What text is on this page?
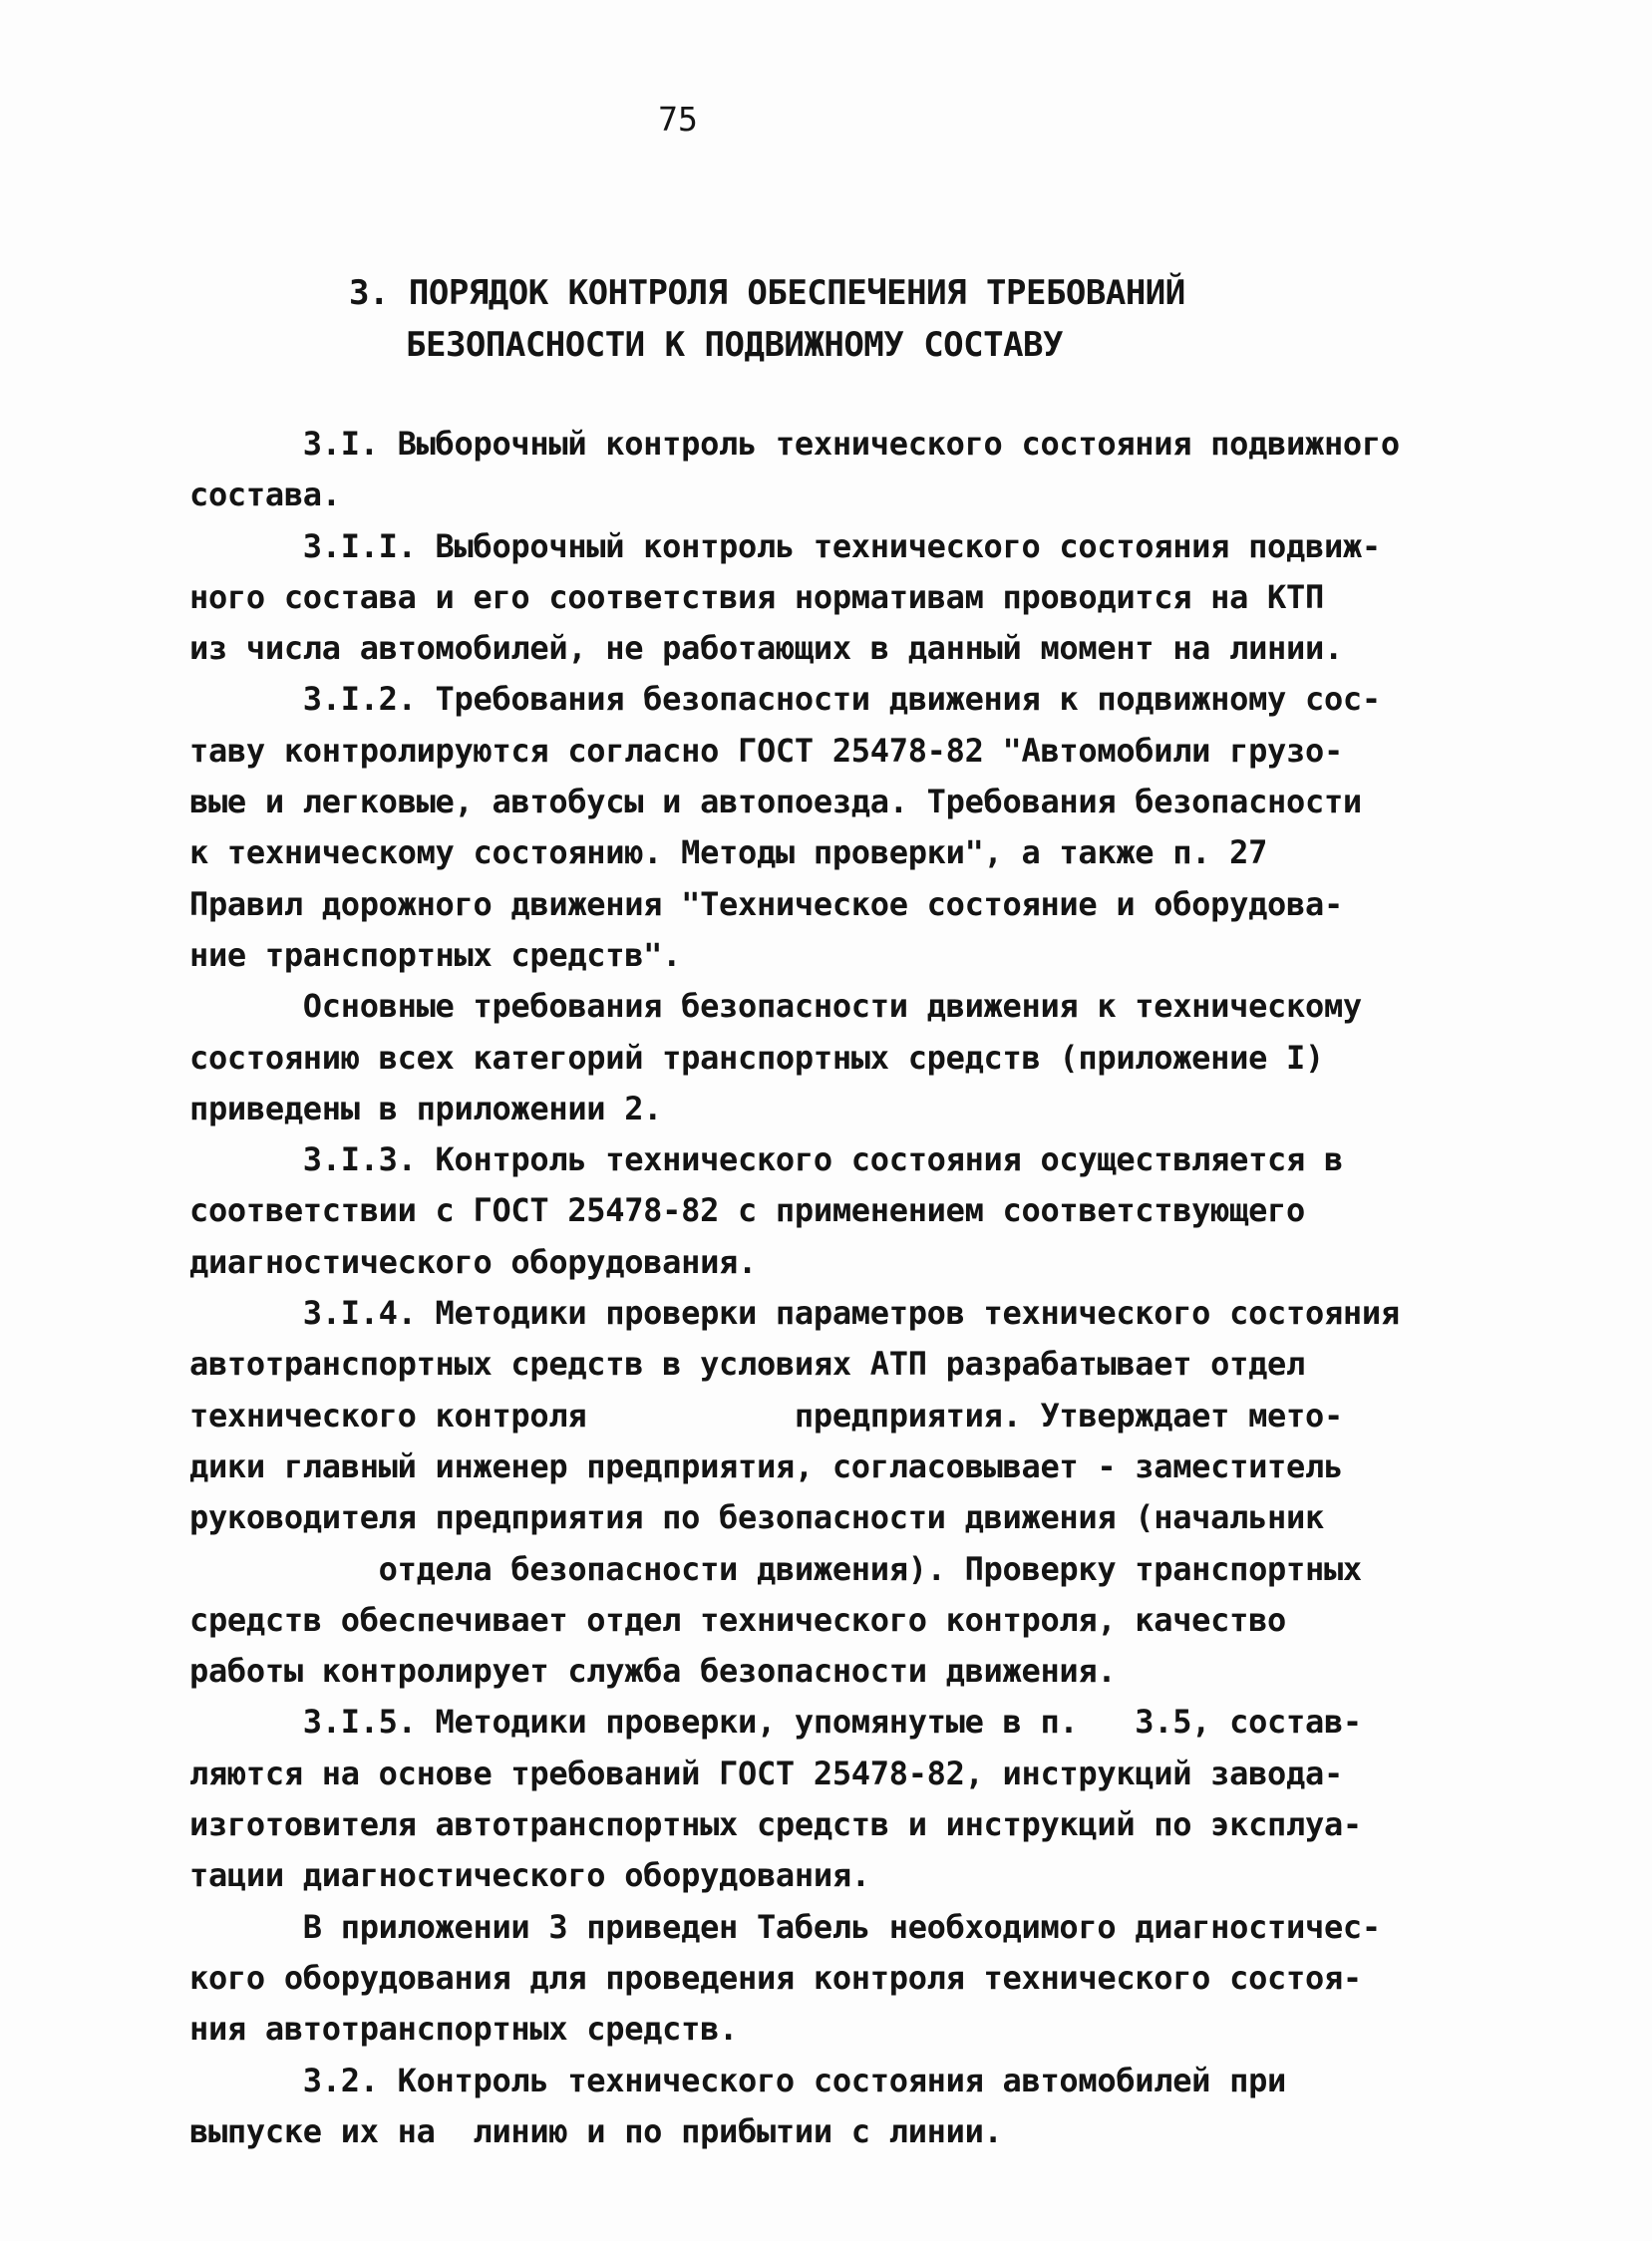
75
3. ПОРЯДОК КОНТРОЛЯ ОБЕСПЕЧЕНИЯ ТРЕБОВАНИЙ
БЕЗОПАСНОСТИ К ПОДВИЖНОМУ СОСТАВУ
3.I. Выборочный контроль технического состояния подвижного
состава.
3.I.I. Выборочный контроль технического состояния подвиж-
ного состава и его соответствия нормативам проводится на КТП
из числа автомобилей, не работающих в данный момент на линии.
3.I.2. Требования безопасности движения к подвижному сос-
таву контролируются согласно ГОСТ 25478-82 "Автомобили грузо-
вые и легковые, автобусы и автопоезда. Требования безопасности
к техническому состоянию. Методы проверки", а также п. 27
Правил дорожного движения "Техническое состояние и оборудова-
ние транспортных средств".
Основные требования безопасности движения к техническому
состоянию всех категорий транспортных средств (приложение I)
приведены в приложении 2.
3.I.3. Контроль технического состояния осуществляется в
соответствии с ГОСТ 25478-82 с применением соответствующего
диагностического оборудования.
3.I.4. Методики проверки параметров технического состояния
автотранспортных средств в условиях АТП разрабатывает отдел
технического контроля           предприятия. Утверждает мето-
дики главный инженер предприятия, согласовывает - заместитель
руководителя предприятия по безопасности движения (начальник
отдела безопасности движения). Проверку транспортных
средств обеспечивает отдел технического контроля, качество
работы контролирует служба безопасности движения.
3.I.5. Методики проверки, упомянутые в п.   3.5, состав-
ляются на основе требований ГОСТ 25478-82, инструкций завода-
изготовителя автотранспортных средств и инструкций по эксплуа-
тации диагностического оборудования.
В приложении 3 приведен Табель необходимого диагностичес-
кого оборудования для проведения контроля технического состоя-
ния автотранспортных средств.
3.2. Контроль технического состояния автомобилей при
выпуске их на  линию и по прибытии с линии.
